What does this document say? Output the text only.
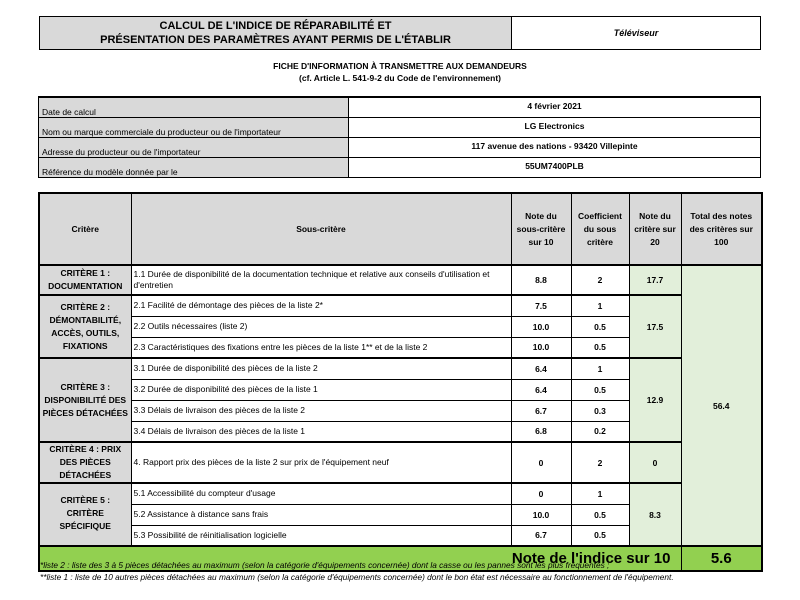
CALCUL DE L'INDICE DE RÉPARABILITÉ ET
PRÉSENTATION DES PARAMÈTRES AYANT PERMIS DE L'ÉTABLIR
Téléviseur
FICHE D'INFORMATION À TRANSMETTRE AUX DEMANDEURS
(cf. Article L. 541-9-2 du Code de l'environnement)
Date de calcul	4 février 2021
Nom ou marque commerciale du producteur ou de l'importateur	LG Electronics
Adresse du producteur ou de l'importateur	117 avenue des nations - 93420 Villepinte
Référence du modèle donnée par le	55UM7400PLB
Critère	Sous-critère	Note du sous-critère sur 10	Coefficient du sous critère	Note du critère sur 20	Total des notes des critères sur 100
CRITÈRE 1 : DOCUMENTATION	1.1 Durée de disponibilité de la documentation technique et relative aux conseils d'utilisation et d'entretien	8.8	2	17.7	56.4
CRITÈRE 2 : DÉMONTABILITÉ, ACCÈS, OUTILS, FIXATIONS	2.1 Facilité de démontage des pièces de la liste 2*	7.5	1	17.5	
	2.2 Outils nécessaires (liste 2)	10.0	0.5		
	2.3 Caractéristiques des fixations entre les pièces de la liste 1** et de la liste 2	10.0	0.5		
CRITÈRE 3 : DISPONIBILITÉ DES PIÈCES DÉTACHÉES	3.1 Durée de disponibilité des pièces de la liste 2	6.4	1	12.9	
	3.2 Durée de disponibilité des pièces de la liste 1	6.4	0.5		
	3.3 Délais de livraison des pièces de la liste 2	6.7	0.3		
	3.4 Délais de livraison des pièces de la liste 1	6.8	0.2		
CRITÈRE 4 : PRIX DES PIÈCES DÉTACHÉES	4. Rapport prix des pièces de la liste 2 sur prix de l'équipement neuf	0	2	0	
CRITÈRE 5 : CRITÈRE SPÉCIFIQUE	5.1 Accessibilité du compteur d'usage	0	1	8.3	
	5.2 Assistance à distance sans frais	10.0	0.5		
	5.3 Possibilité de réinitialisation logicielle	6.7	0.5		
Note de l'indice sur 10					5.6
*liste 2 : liste des 3 à 5 pièces détachées au maximum (selon la catégorie d'équipements concernée) dont la casse ou les pannes sont les plus fréquentes ;
**liste 1 : liste de 10 autres pièces détachées au maximum (selon la catégorie d'équipements concernée) dont le bon état est nécessaire au fonctionnement de l'équipement.
